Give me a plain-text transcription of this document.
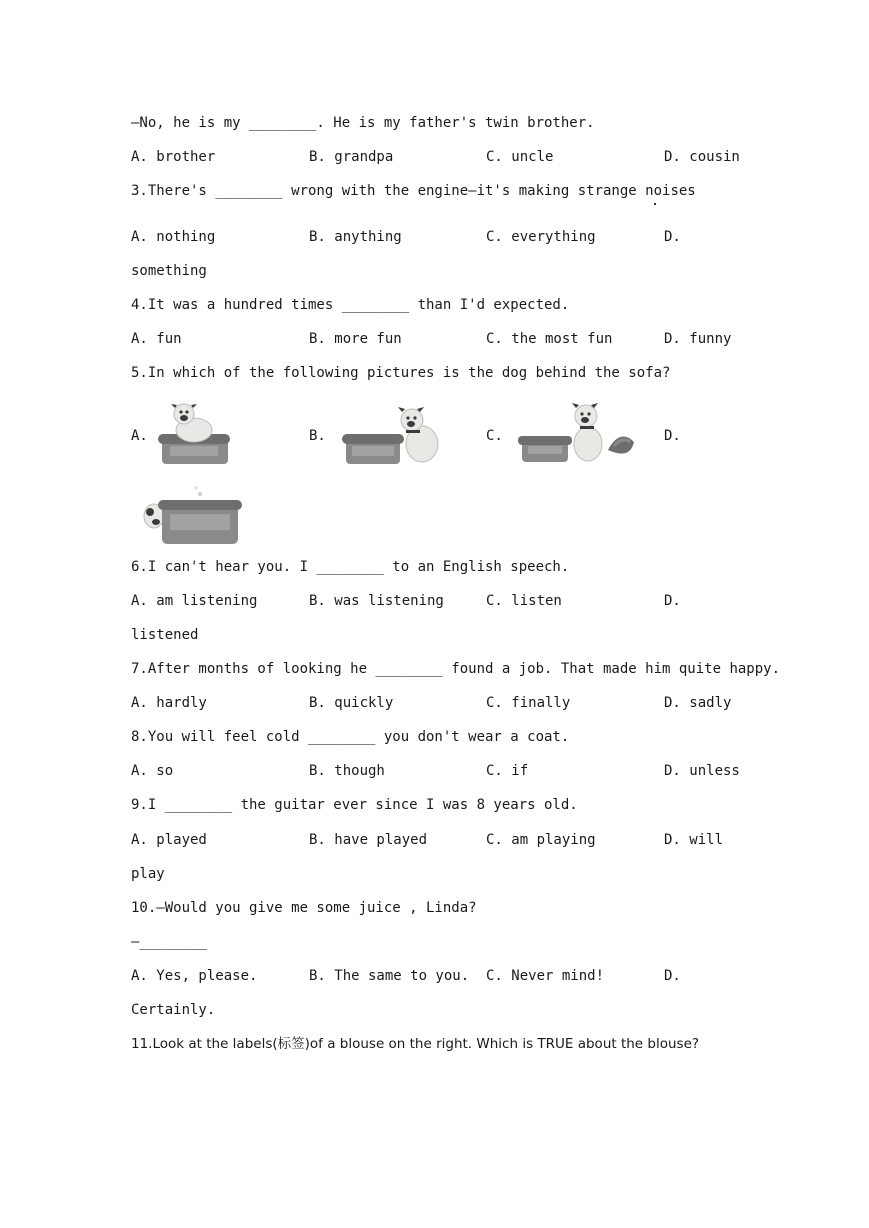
—No, he is my ________. He is my father's twin brother.
A. brother	B. grandpa	C. uncle	D. cousin
3.There's ________ wrong with the engine—it's making strange noises
A. nothing	B. anything	C. everything	D.
something
4.It was a hundred times ________ than I'd expected.
A. fun	B. more fun	C. the most fun	D. funny
5.In which of the following pictures is the dog behind the sofa?
A.	B.	C.	D.
6.I can't hear you. I ________ to an English speech.
A. am listening	B. was listening	C. listen	D.
listened
7.After months of looking he ________ found a job. That made him quite happy.
A. hardly	B. quickly	C. finally	D. sadly
8.You will feel cold ________ you don't wear a coat.
A. so	B. though	C. if	D. unless
9.I ________ the guitar ever since I was 8 years old.
A. played	B. have played	C. am playing	D. will
play
10.—Would you give me some juice , Linda?
—________
A. Yes, please.	B. The same to you. C. Never mind!	D.
Certainly.
11.Look at the labels(标签)of a blouse on the right. Which is TRUE about the blouse?
